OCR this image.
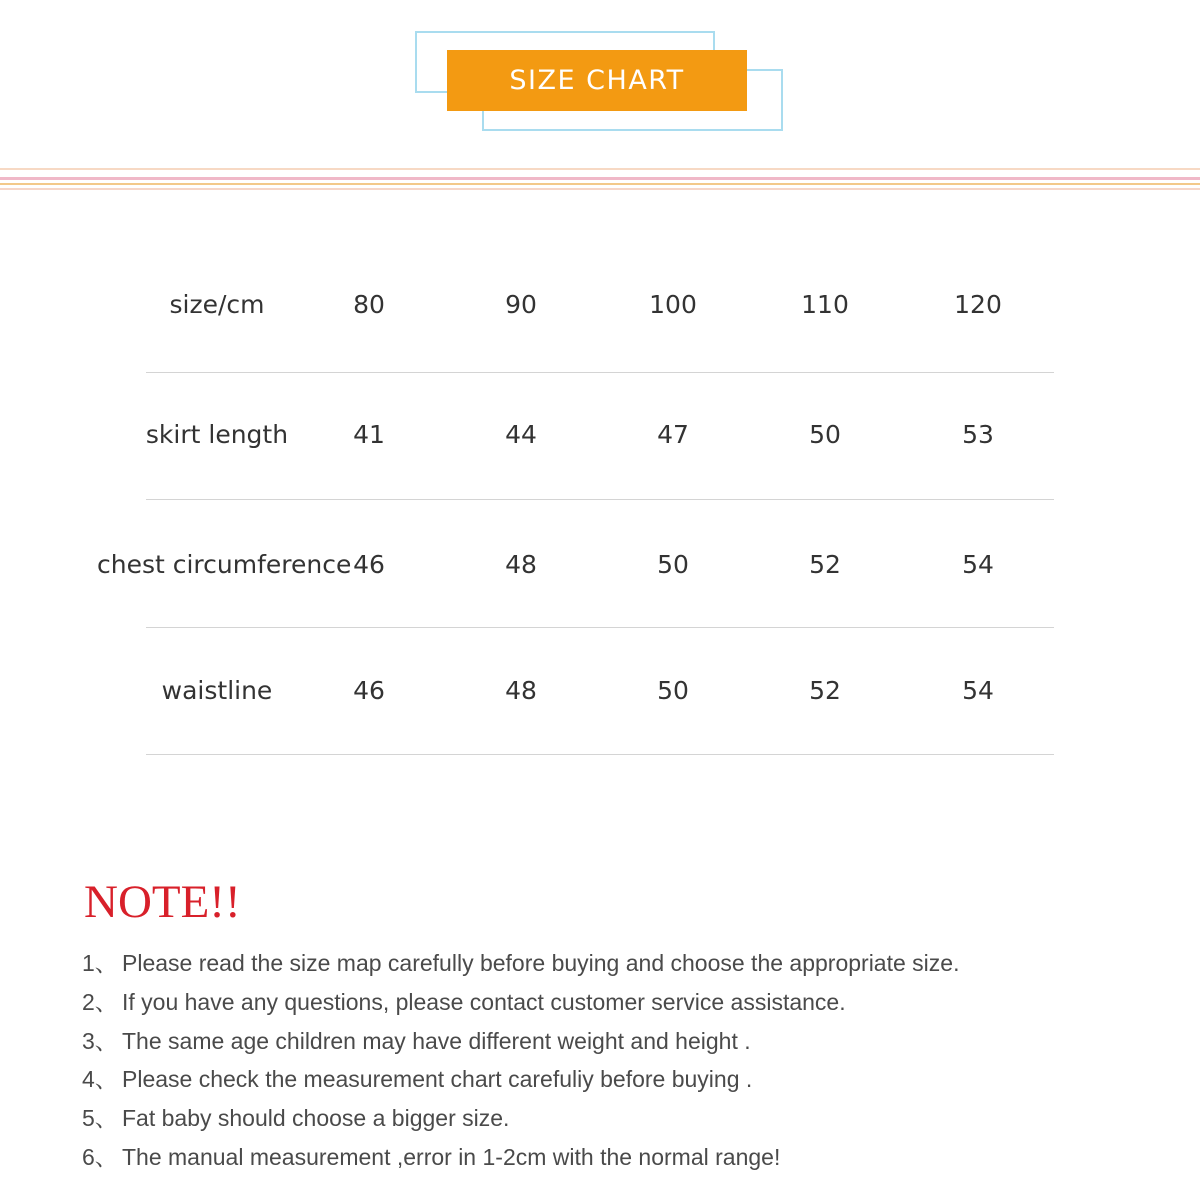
SIZE CHART
size/cm	80	90	100	110	120
skirt length	41	44	47	50	53
chest circumference 46	48	50	52	54
waistline	46	48	50	52	54
NOTE!!
1、 Please read the size map carefully before buying and choose the appropriate size.
2、 If you have any questions, please contact customer service assistance.
3、 The same age children may have different weight and height .
4、 Please check the measurement chart carefuliy before buying .
5、 Fat baby should choose a bigger size.
6、 The manual measurement ,error in 1-2cm with the normal range!
